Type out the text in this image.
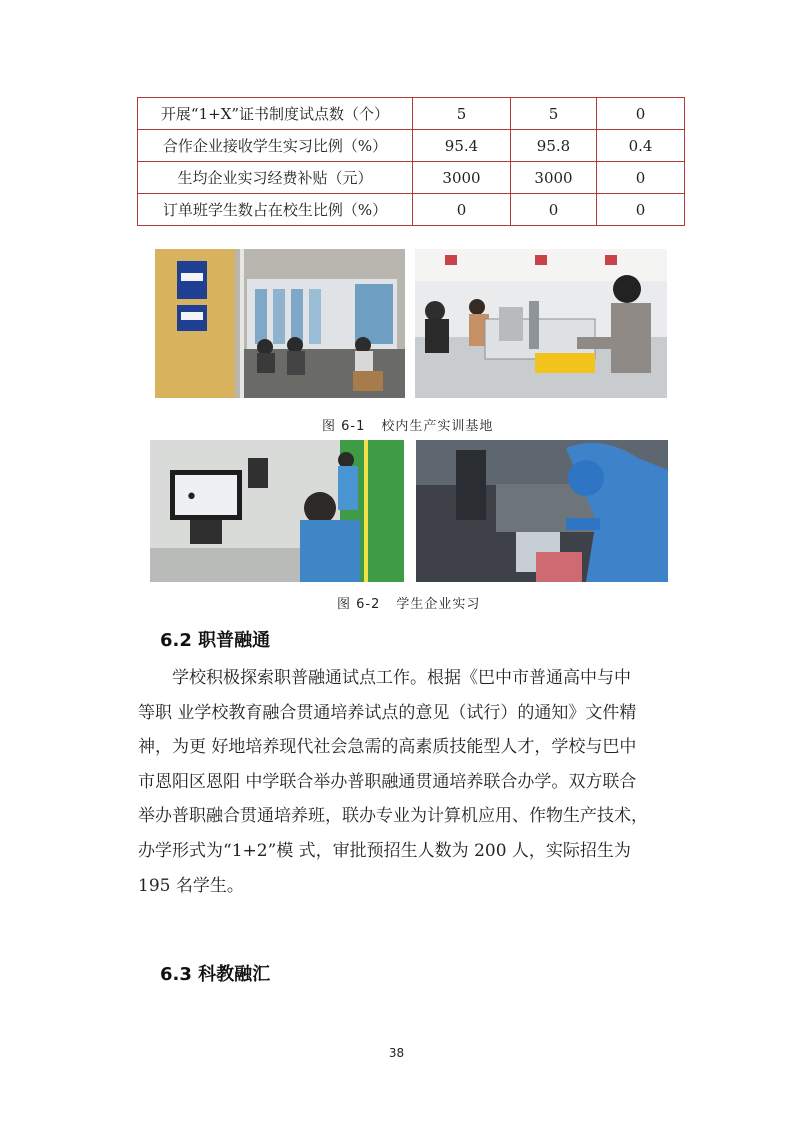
开展“1+X”证书制度试点数（个）	5	5	0
合作企业接收学生实习比例（%）	95.4	95.8	0.4
生均企业实习经费补贴（元）	3000	3000	0
订单班学生数占在校生比例（%）	0	0	0
图 6-1 校内生产实训基地
•
图 6-2 学生企业实习
6.2 职普融通
学校积极探索职普融通试点工作。根据《巴中市普通高中与中
等职 业学校教育融合贯通培养试点的意见（试行）的通知》文件精
神，为更 好地培养现代社会急需的高素质技能型人才，学校与巴中
市恩阳区恩阳 中学联合举办普职融通贯通培养联合办学。双方联合
举办普职融合贯通培养班，联办专业为计算机应用、作物生产技术，
办学形式为“1+2”模 式，审批预招生人数为 200 人，实际招生为
195 名学生。
6.3 科教融汇
38
